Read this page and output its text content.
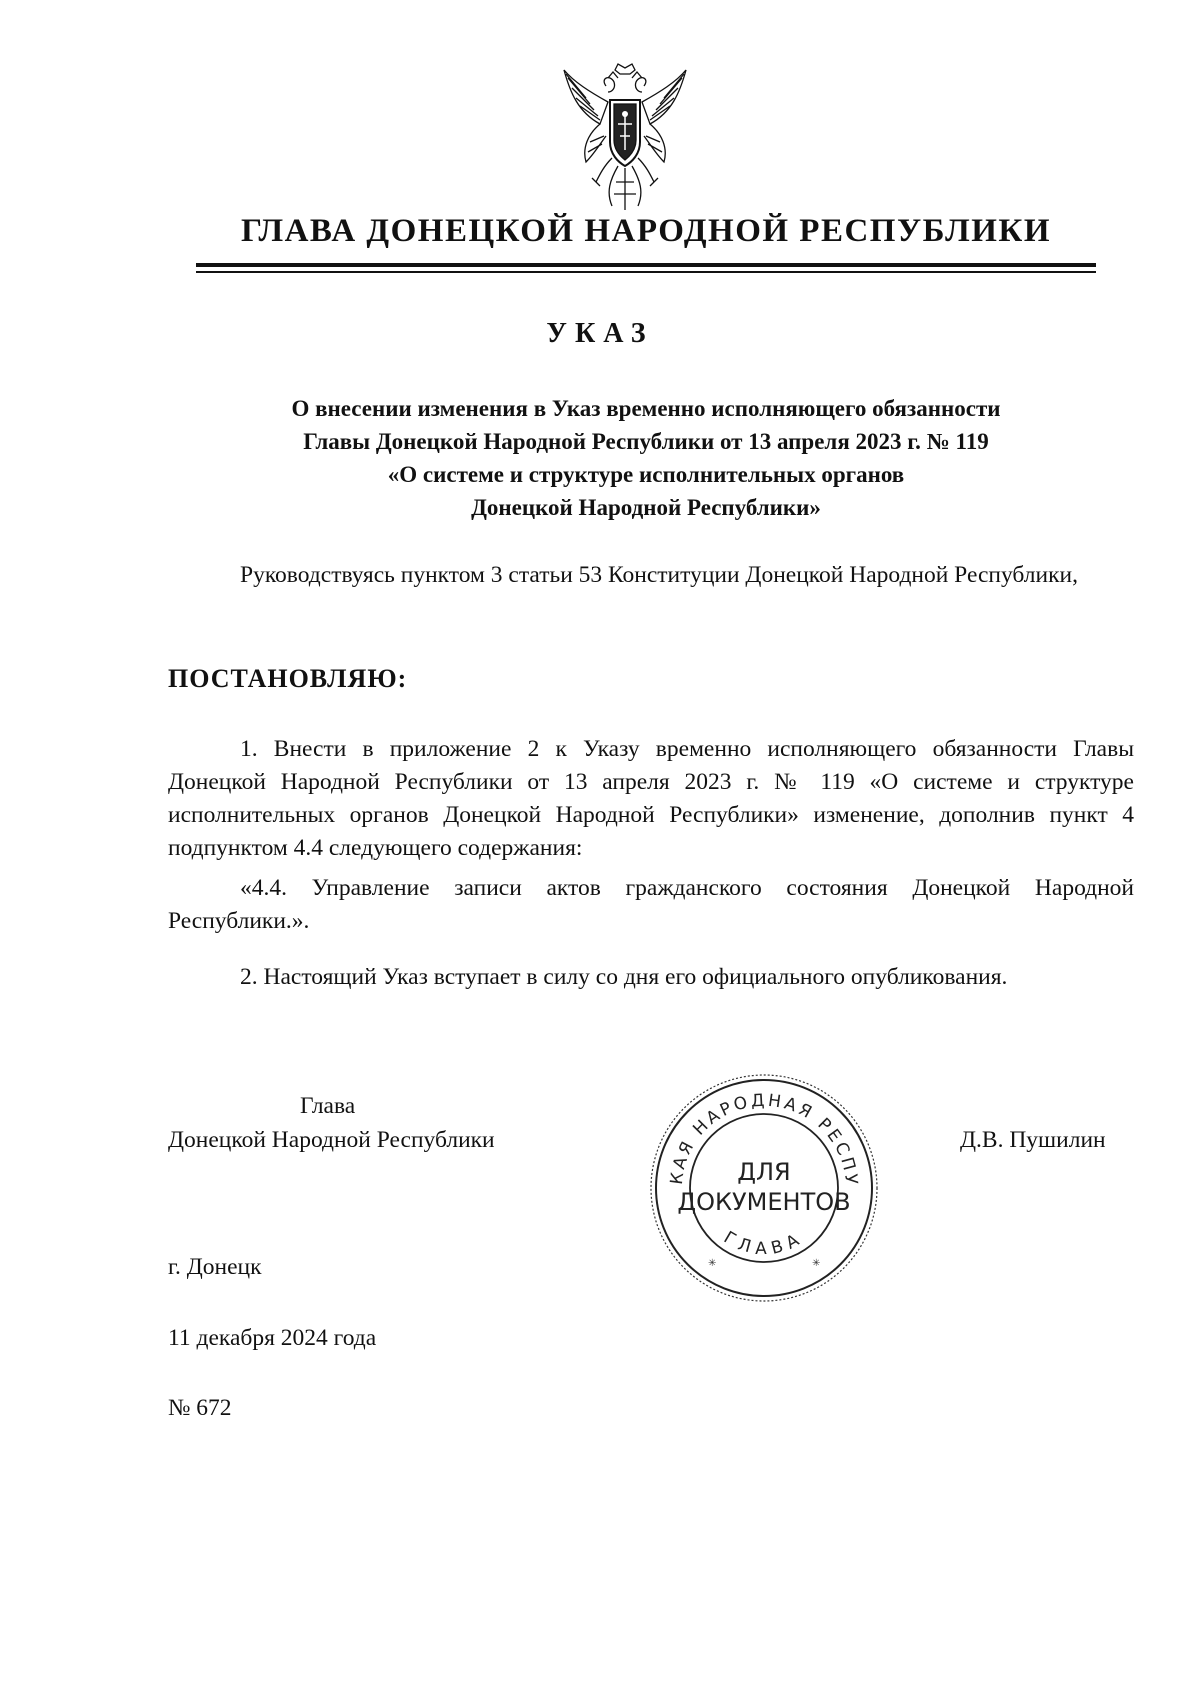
ГЛАВА ДОНЕЦКОЙ НАРОДНОЙ РЕСПУБЛИКИ
УКАЗ
О внесении изменения в Указ временно исполняющего обязанности
Главы Донецкой Народной Республики от 13 апреля 2023 г. № 119
«О системе и структуре исполнительных органов
Донецкой Народной Республики»
Руководствуясь пунктом 3 статьи 53 Конституции Донецкой Народной Республики,
ПОСТАНОВЛЯЮ:
1. Внести в приложение 2 к Указу временно исполняющего обязанности Главы Донецкой Народной Республики от 13 апреля 2023 г. № 119 «О системе и структуре исполнительных органов Донецкой Народной Республики» изменение, дополнив пункт 4 подпунктом 4.4 следующего содержания:
«4.4. Управление записи актов гражданского состояния Донецкой Народной Республики.».
2. Настоящий Указ вступает в силу со дня его официального опубликования.
Глава
Донецкой Народной Республики	Д.В. Пушилин
КАЯ НАРОДНАЯ РЕСПУ
ГЛАВА
ДЛЯ
ДОКУМЕНТОВ
✳	✳
г. Донецк
11 декабря 2024 года
№ 672
